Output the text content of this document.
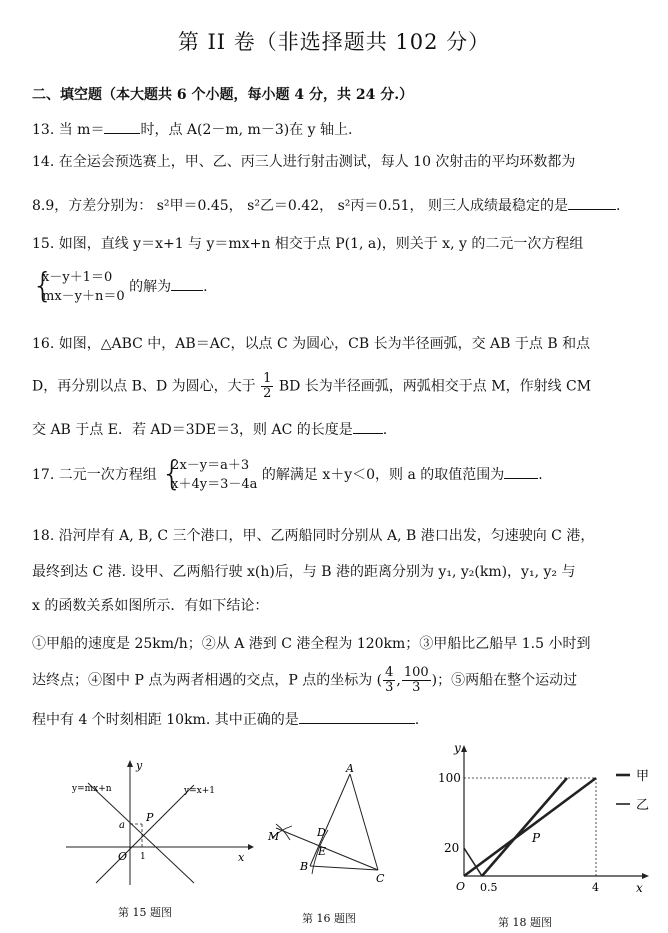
第 II 卷（非选择题共 102 分）
二、填空题（本大题共 6 个小题，每小题 4 分，共 24 分.）
13. 当 m＝	时，点 A(2－m, m－3)在 y 轴上.
14. 在全运会预选赛上，甲、乙、丙三人进行射击测试，每人 10 次射击的平均环数都为
8.9，方差分别为： s²甲＝0.45， s²乙＝0.42， s²丙＝0.51， 则三人成绩最稳定的是	.
15. 如图，直线 y＝x+1 与 y＝mx+n 相交于点 P(1, a)，则关于 x, y 的二元一次方程组
{
x－y＋1＝0
mx－y＋n＝0
的解为 .
16. 如图，△ABC 中，AB＝AC，以点 C 为圆心，CB 长为半径画弧，交 AB 于点 B 和点
D，再分别以点 B、D 为圆心，大于 $\frac{1}{2}$ BD 长为半径画弧，两弧相交于点 M，作射线 CM
交 AB 于点 E．若 AD＝3DE＝3，则 AC 的长度是 .
17. 二元一次方程组 {
2x－y＝a＋3
x＋4y＝3－4a
的解满足 x＋y＜0，则 a 的取值范围为 .
18. 沿河岸有 A, B, C 三个港口，甲、乙两船同时分别从 A, B 港口出发，匀速驶向 C 港，
最终到达 C 港. 设甲、乙两船行驶 x(h)后，与 B 港的距离分别为 y₁, y₂(km)，y₁, y₂ 与
x 的函数关系如图所示．有如下结论：
①甲船的速度是 25km/h；②从 A 港到 C 港全程为 120km；③甲船比乙船早 1.5 小时到
达终点；④图中 P 点为两者相遇的交点，P 点的坐标为 ( $\frac{4}{3}$ , $\frac{100}{3}$ )；⑤两船在整个运动过
程中有 4 个时刻相距 10km. 其中正确的是	.
y=mx+n	y=x+1
y
x
O
a
1
P
第 15 题图
A
B
C
D
E
M
第 16 题图
100
20
O 0.5	4	x
y
P
甲
乙
第 18 题图
